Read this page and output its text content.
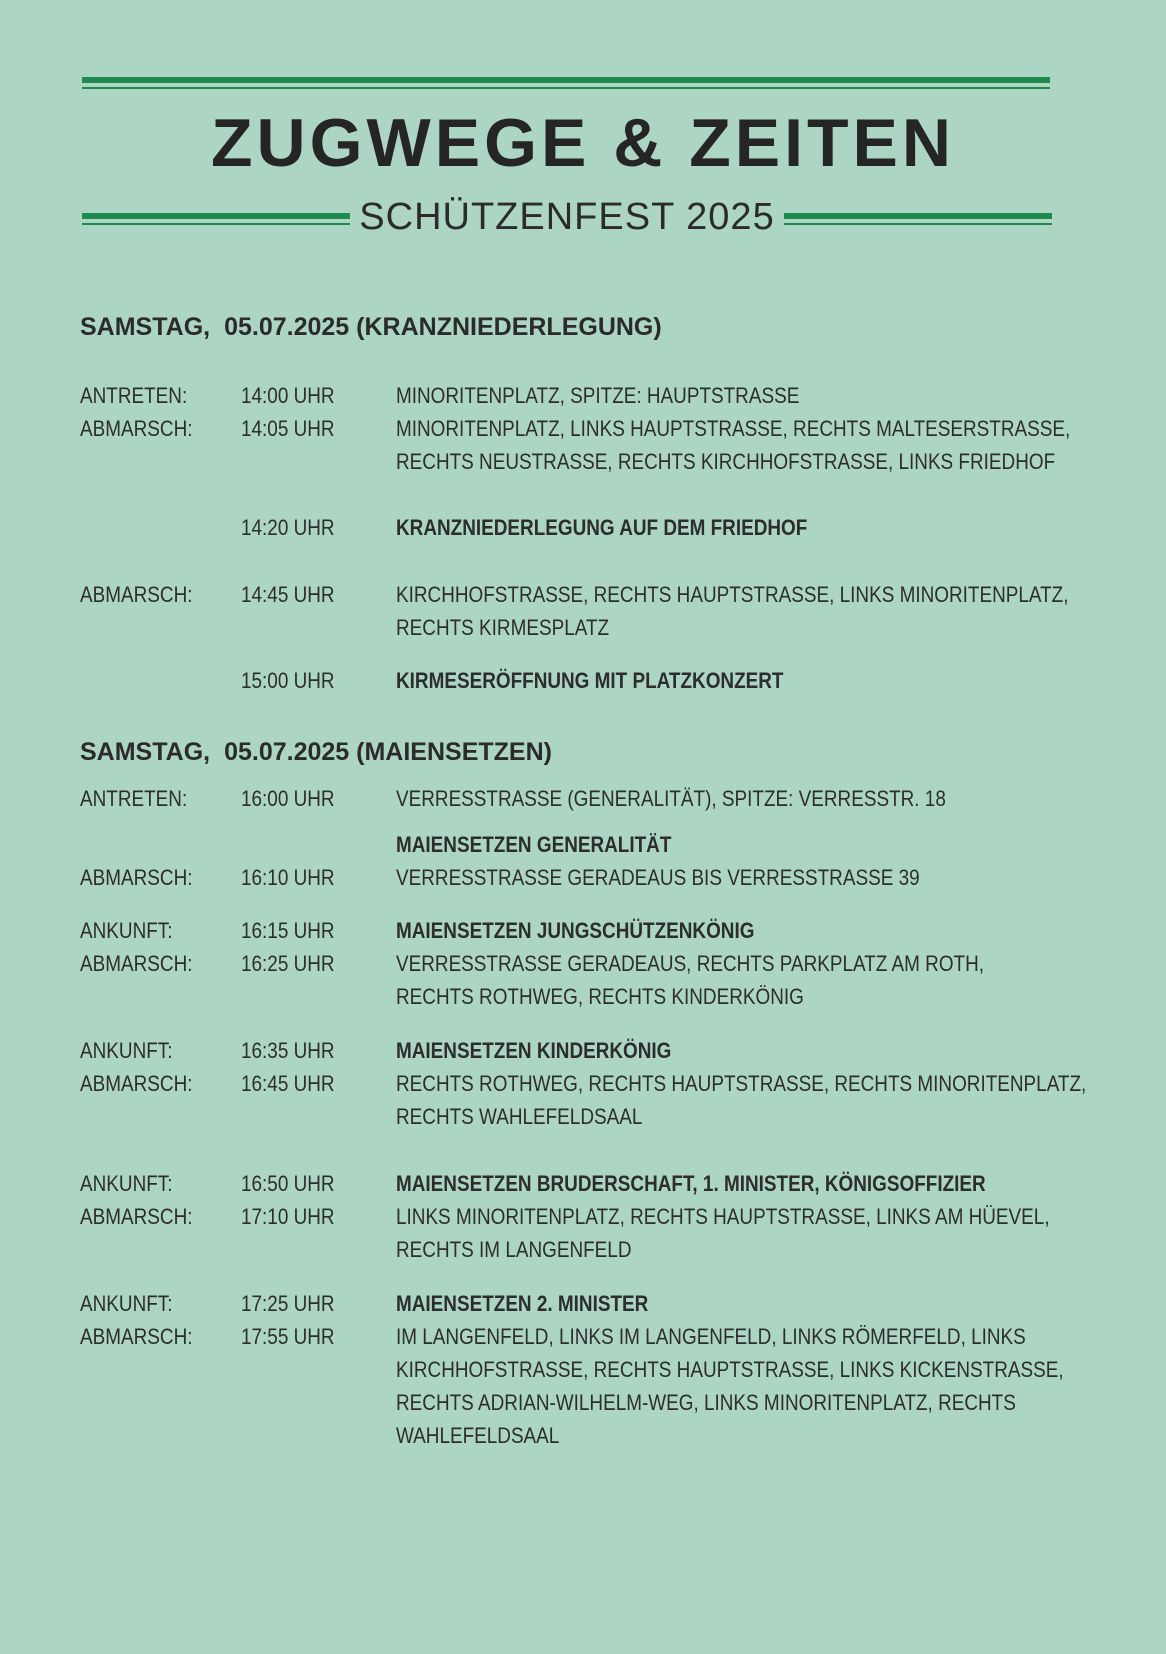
ZUGWEGE & ZEITEN
SCHÜTZENFEST 2025
SAMSTAG, 05.07.2025 (KRANZNIEDERLEGUNG)
ANTRETEN: 14:00 UHR	MINORITENPLATZ, SPITZE: HAUPTSTRASSE
ABMARSCH: 14:05 UHR	MINORITENPLATZ, LINKS HAUPTSTRASSE, RECHTS MALTESERSTRASSE,
RECHTS NEUSTRASSE, RECHTS KIRCHHOFSTRASSE, LINKS FRIEDHOF
14:20 UHR	KRANZNIEDERLEGUNG AUF DEM FRIEDHOF
ABMARSCH: 14:45 UHR	KIRCHHOFSTRASSE, RECHTS HAUPTSTRASSE, LINKS MINORITENPLATZ,
RECHTS KIRMESPLATZ
15:00 UHR	KIRMESERÖFFNUNG MIT PLATZKONZERT
SAMSTAG, 05.07.2025 (MAIENSETZEN)
ANTRETEN: 16:00 UHR	VERRESSTRASSE (GENERALITÄT), SPITZE: VERRESSTR. 18
MAIENSETZEN GENERALITÄT
ABMARSCH: 16:10 UHR	VERRESSTRASSE GERADEAUS BIS VERRESSTRASSE 39
ANKUNFT:	16:15 UHR	MAIENSETZEN JUNGSCHÜTZENKÖNIG
ABMARSCH: 16:25 UHR	VERRESSTRASSE GERADEAUS, RECHTS PARKPLATZ AM ROTH,
RECHTS ROTHWEG, RECHTS KINDERKÖNIG
ANKUNFT:	16:35 UHR	MAIENSETZEN KINDERKÖNIG
ABMARSCH: 16:45 UHR	RECHTS ROTHWEG, RECHTS HAUPTSTRASSE, RECHTS MINORITENPLATZ,
RECHTS WAHLEFELDSAAL
ANKUNFT:	16:50 UHR	MAIENSETZEN BRUDERSCHAFT, 1. MINISTER, KÖNIGSOFFIZIER
ABMARSCH: 17:10 UHR	LINKS MINORITENPLATZ, RECHTS HAUPTSTRASSE, LINKS AM HÜEVEL,
RECHTS IM LANGENFELD
ANKUNFT:	17:25 UHR	MAIENSETZEN 2. MINISTER
ABMARSCH: 17:55 UHR	IM LANGENFELD, LINKS IM LANGENFELD, LINKS RÖMERFELD, LINKS
KIRCHHOFSTRASSE, RECHTS HAUPTSTRASSE, LINKS KICKENSTRASSE,
RECHTS ADRIAN-WILHELM-WEG, LINKS MINORITENPLATZ, RECHTS
WAHLEFELDSAAL
